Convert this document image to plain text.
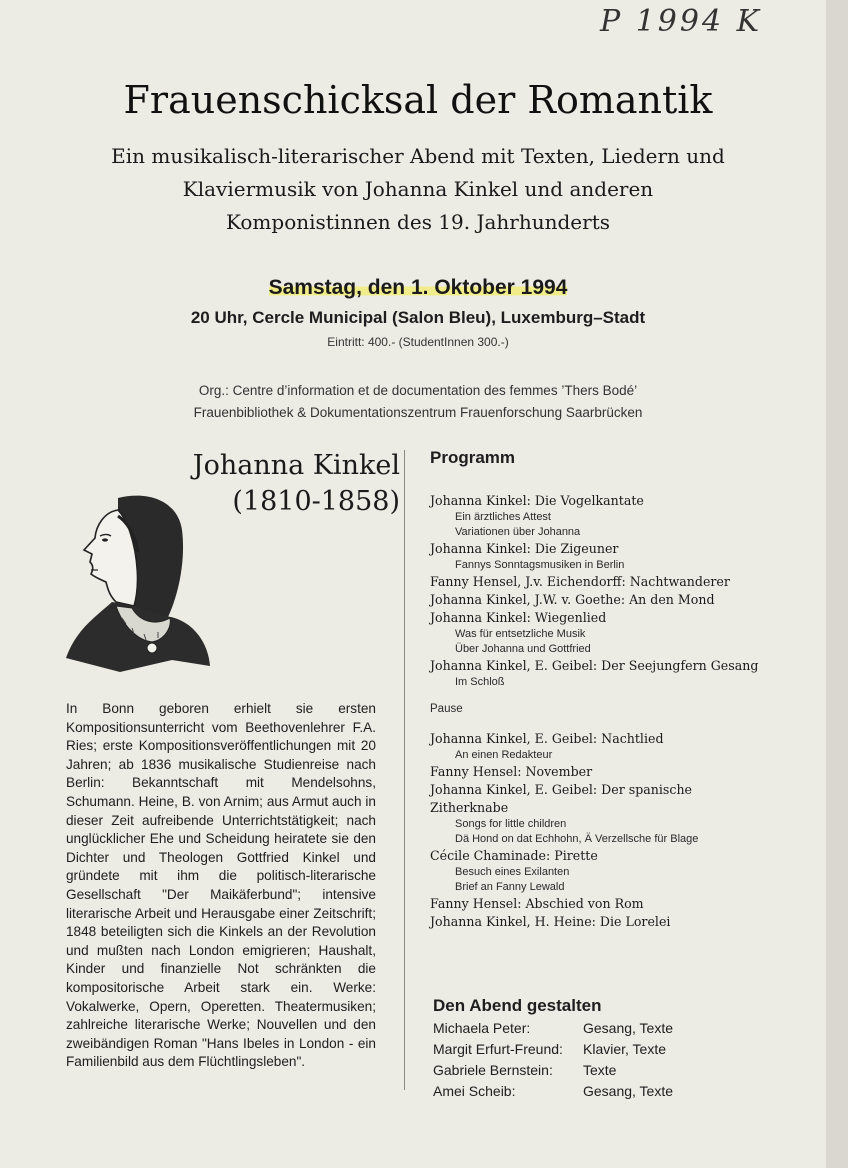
P 1994 K
Frauenschicksal der Romantik
Ein musikalisch-literarischer Abend mit Texten, Liedern und
Klaviermusik von Johanna Kinkel und anderen
Komponistinnen des 19. Jahrhunderts
Samstag, den 1. Oktober 1994
20 Uhr, Cercle Municipal (Salon Bleu), Luxemburg–Stadt
Eintritt: 400.- (StudentInnen 300.-)
Org.: Centre d’information et de documentation des femmes ’Thers Bodé’
Frauenbibliothek & Dokumentationszentrum Frauenforschung Saarbrücken
Johanna Kinkel
(1810-1858)
In Bonn geboren erhielt sie ersten Kompositionsunterricht vom Beethovenlehrer F.A. Ries; erste Kompositionsveröffentlichungen mit 20 Jahren; ab 1836 musikalische Studienreise nach Berlin: Bekanntschaft mit Mendelsohns, Schumann. Heine, B. von Arnim; aus Armut auch in dieser Zeit aufreibende Unterrichtstätigkeit; nach unglücklicher Ehe und Scheidung heiratete sie den Dichter und Theologen Gottfried Kinkel und gründete mit ihm die politisch-literarische Gesellschaft "Der Maikäferbund"; intensive literarische Arbeit und Herausgabe einer Zeitschrift; 1848 beteiligten sich die Kinkels an der Revolution und mußten nach London emigrieren; Haushalt, Kinder und finanzielle Not schränkten die kompositorische Arbeit stark ein. Werke: Vokalwerke, Opern, Operetten. Theatermusiken; zahlreiche literarische Werke; Nouvellen und den zweibändigen Roman "Hans Ibeles in London - ein Familienbild aus dem Flüchtlingsleben".
Programm
Johanna Kinkel: Die Vogelkantate
Ein ärztliches Attest
Variationen über Johanna
Johanna Kinkel: Die Zigeuner
Fannys Sonntagsmusiken in Berlin
Fanny Hensel, J.v. Eichendorff: Nachtwanderer
Johanna Kinkel, J.W. v. Goethe: An den Mond
Johanna Kinkel: Wiegenlied
Was für entsetzliche Musik
Über Johanna und Gottfried
Johanna Kinkel, E. Geibel: Der Seejungfern Gesang
Im Schloß
Pause
Johanna Kinkel, E. Geibel: Nachtlied
An einen Redakteur
Fanny Hensel: November
Johanna Kinkel, E. Geibel: Der spanische
Zitherknabe
Songs for little children
Dä Hond on dat Echhohn, Ä Verzellsche für Blage
Cécile Chaminade: Pirette
Besuch eines Exilanten
Brief an Fanny Lewald
Fanny Hensel: Abschied von Rom
Johanna Kinkel, H. Heine: Die Lorelei
Den Abend gestalten
Michaela Peter:	Gesang, Texte
Margit Erfurt-Freund:	Klavier, Texte
Gabriele Bernstein:	Texte
Amei Scheib:	Gesang, Texte
